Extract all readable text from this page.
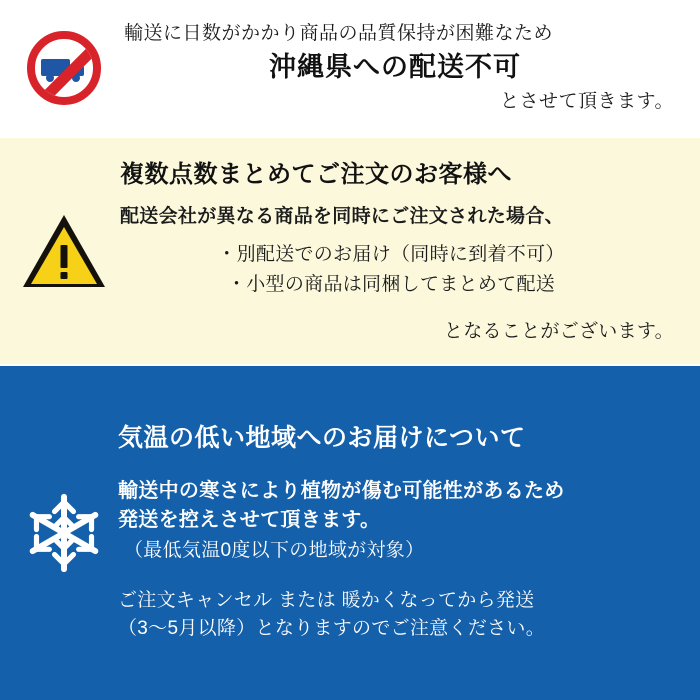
輸送に日数がかかり商品の品質保持が困難なため
沖縄県への配送不可
とさせて頂きます。
複数点数まとめてご注文のお客様へ
配送会社が異なる商品を同時にご注文された場合、
・別配送でのお届け（同時に到着不可）
・小型の商品は同梱してまとめて配送
となることがございます。
気温の低い地域へのお届けについて
輸送中の寒さにより植物が傷む可能性があるため
発送を控えさせて頂きます。
（最低気温0度以下の地域が対象）
ご注文キャンセル または 暖かくなってから発送
（3〜5月以降）となりますのでご注意ください。
